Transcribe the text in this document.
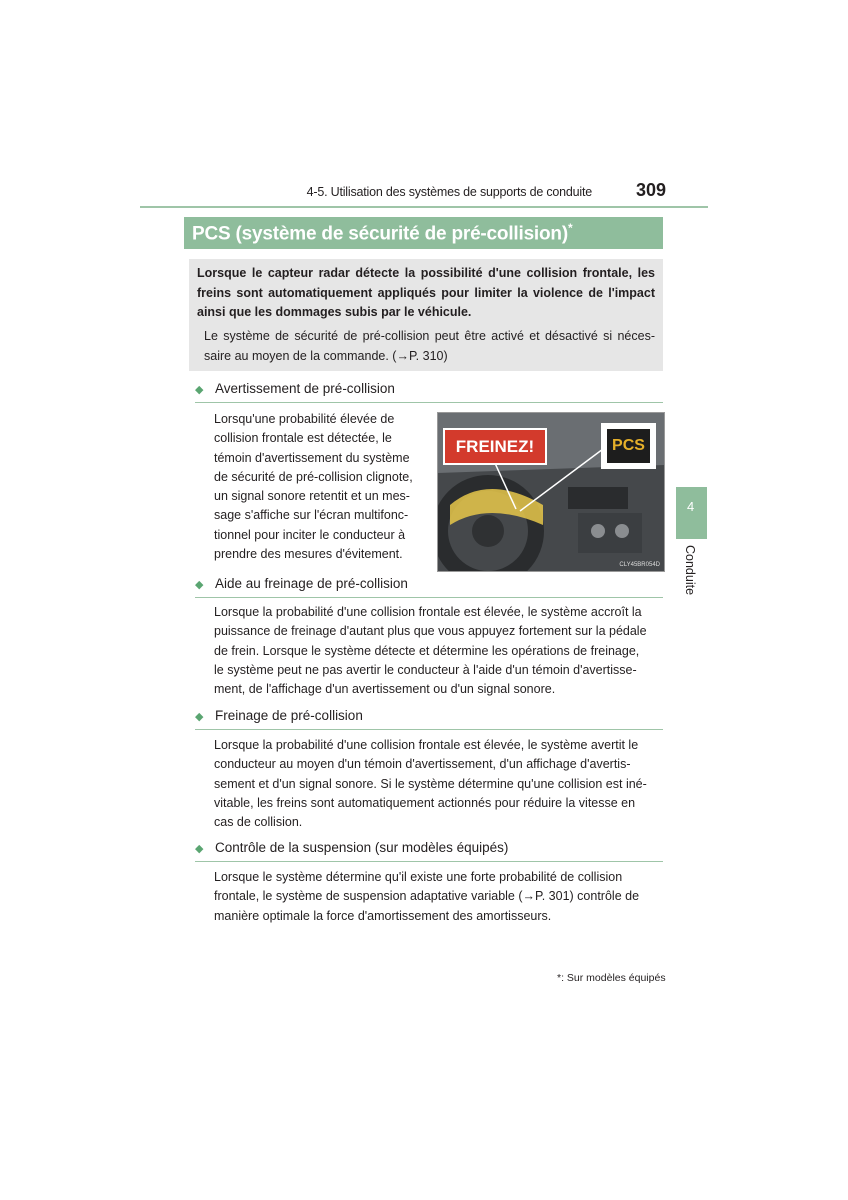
4-5. Utilisation des systèmes de supports de conduite 309
PCS (système de sécurité de pré-collision)*
Lorsque le capteur radar détecte la possibilité d'une collision frontale, les freins sont automatiquement appliqués pour limiter la violence de l'impact ainsi que les dommages subis par le véhicule.
Le système de sécurité de pré-collision peut être activé et désactivé si néces- saire au moyen de la commande. (→P. 310)
◆ Avertissement de pré-collision
Lorsqu'une probabilité élevée de
collision frontale est détectée, le
témoin d'avertissement du système
de sécurité de pré-collision clignote,
un signal sonore retentit et un mes-
sage s'affiche sur l'écran multifonc-
tionnel pour inciter le conducteur à
prendre des mesures d'évitement.
FREINEZ!	PCS
CLY45BR054D
◆ Aide au freinage de pré-collision
Lorsque la probabilité d'une collision frontale est élevée, le système accroît la
puissance de freinage d'autant plus que vous appuyez fortement sur la pédale
de frein. Lorsque le système détecte et détermine les opérations de freinage,
le système peut ne pas avertir le conducteur à l'aide d'un témoin d'avertisse-
ment, de l'affichage d'un avertissement ou d'un signal sonore.
◆ Freinage de pré-collision
Lorsque la probabilité d'une collision frontale est élevée, le système avertit le
conducteur au moyen d'un témoin d'avertissement, d'un affichage d'avertis-
sement et d'un signal sonore. Si le système détermine qu'une collision est iné-
vitable, les freins sont automatiquement actionnés pour réduire la vitesse en
cas de collision.
◆ Contrôle de la suspension (sur modèles équipés)
Lorsque le système détermine qu'il existe une forte probabilité de collision
frontale, le système de suspension adaptative variable (→P. 301) contrôle de
manière optimale la force d'amortissement des amortisseurs.
4
Conduite
*: Sur modèles équipés
